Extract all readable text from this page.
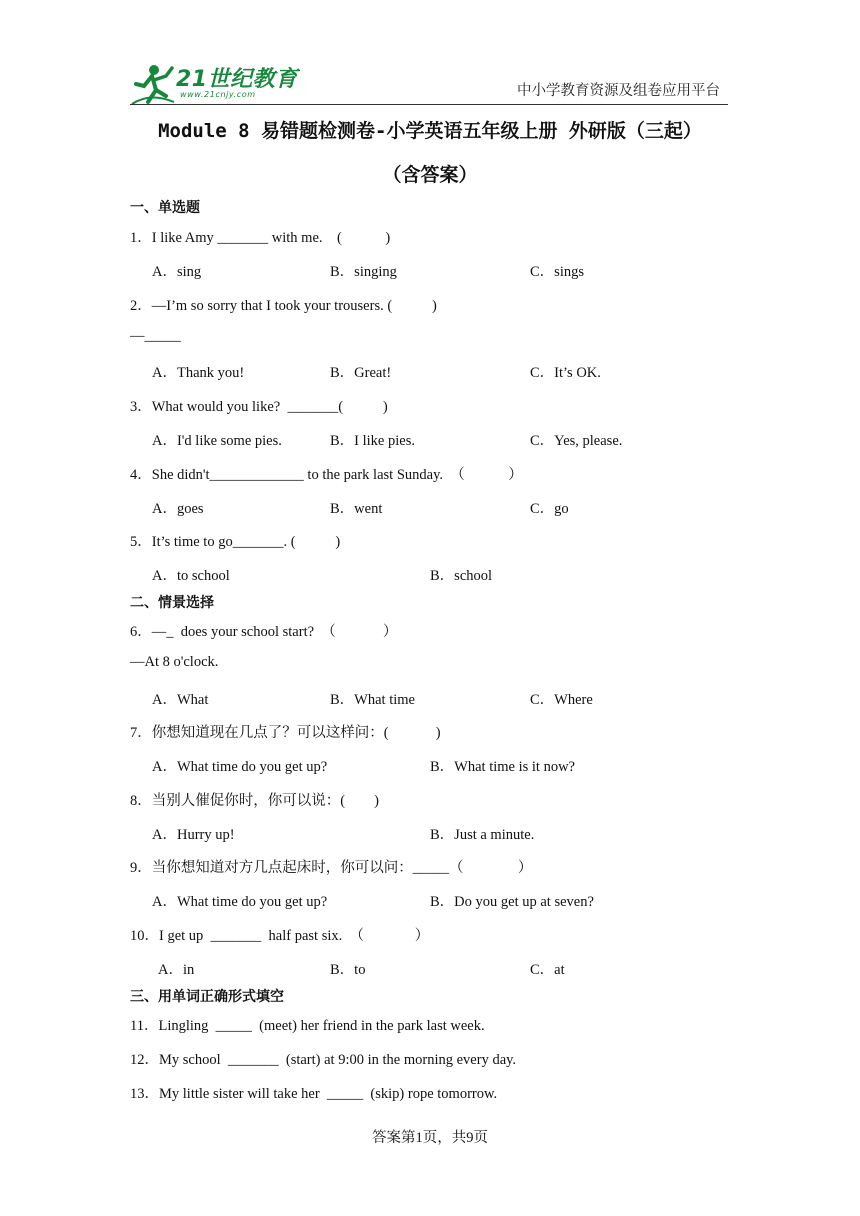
21世纪教育
www.21cnjy.com	中小学教育资源及组卷应用平台
Module 8 易错题检测卷-小学英语五年级上册 外研版（三起）
（含答案）
一、单选题
1．I like Amy _______ with me.    (            )
A．sing	B．singing	C．sings
2．—I’m so sorry that I took your trousers. (           )
—_____
A．Thank you!	B．Great!	C．It’s OK.
3．What would you like?  _______(           )
A．I'd like some pies.	B．I like pies.	C．Yes, please.
4．She didn't_____________ to the park last Sunday.  （            ）
A．goes	B．went	C．go
5．It’s time to go_______. (           )
A．to school	B．school
二、情景选择
6．—_  does your school start?  （             ）
—At 8 o'clock.
A．What	B．What time	C．Where
7．你想知道现在几点了？可以这样问：(             )
A．What time do you get up?	B．What time is it now?
8．当别人催促你时，你可以说：(        )
A．Hurry up!	B．Just a minute.
9．当你想知道对方几点起床时，你可以问：_____（               ）
A．What time do you get up?	B．Do you get up at seven?
10．I get up  _______  half past six.  （              ）
A．in	B．to	C．at
三、用单词正确形式填空
11．Lingling  _____  (meet) her friend in the park last week.
12．My school  _______  (start) at 9:00 in the morning every day.
13．My little sister will take her  _____  (skip) rope tomorrow.
答案第1页，共9页
